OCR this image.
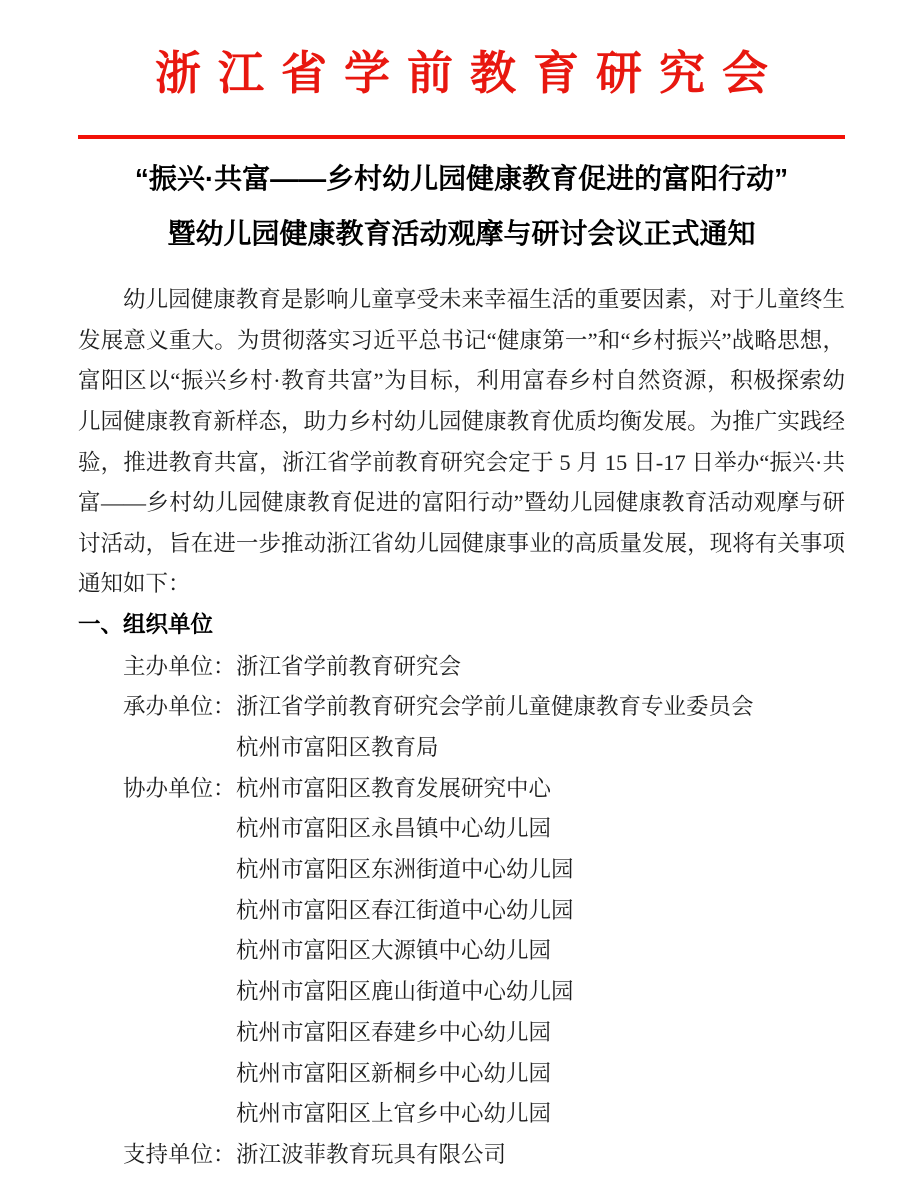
浙江省学前教育研究会
“振兴·共富——乡村幼儿园健康教育促进的富阳行动”
暨幼儿园健康教育活动观摩与研讨会议正式通知

幼儿园健康教育是影响儿童享受未来幸福生活的重要因素，对于儿童终生发展意义重大。为贯彻落实习近平总书记“健康第一”和“乡村振兴”战略思想，富阳区以“振兴乡村·教育共富”为目标，利用富春乡村自然资源，积极探索幼儿园健康教育新样态，助力乡村幼儿园健康教育优质均衡发展。为推广实践经验，推进教育共富，浙江省学前教育研究会定于 5 月 15 日-17 日举办“振兴·共富——乡村幼儿园健康教育促进的富阳行动”暨幼儿园健康教育活动观摩与研讨活动，旨在进一步推动浙江省幼儿园健康事业的高质量发展，现将有关事项通知如下：

一、组织单位
主办单位： 浙江省学前教育研究会
承办单位： 浙江省学前教育研究会学前儿童健康教育专业委员会
杭州市富阳区教育局
协办单位： 杭州市富阳区教育发展研究中心
杭州市富阳区永昌镇中心幼儿园
杭州市富阳区东洲街道中心幼儿园
杭州市富阳区春江街道中心幼儿园
杭州市富阳区大源镇中心幼儿园
杭州市富阳区鹿山街道中心幼儿园
杭州市富阳区春建乡中心幼儿园
杭州市富阳区新桐乡中心幼儿园
杭州市富阳区上官乡中心幼儿园
支持单位： 浙江波菲教育玩具有限公司
